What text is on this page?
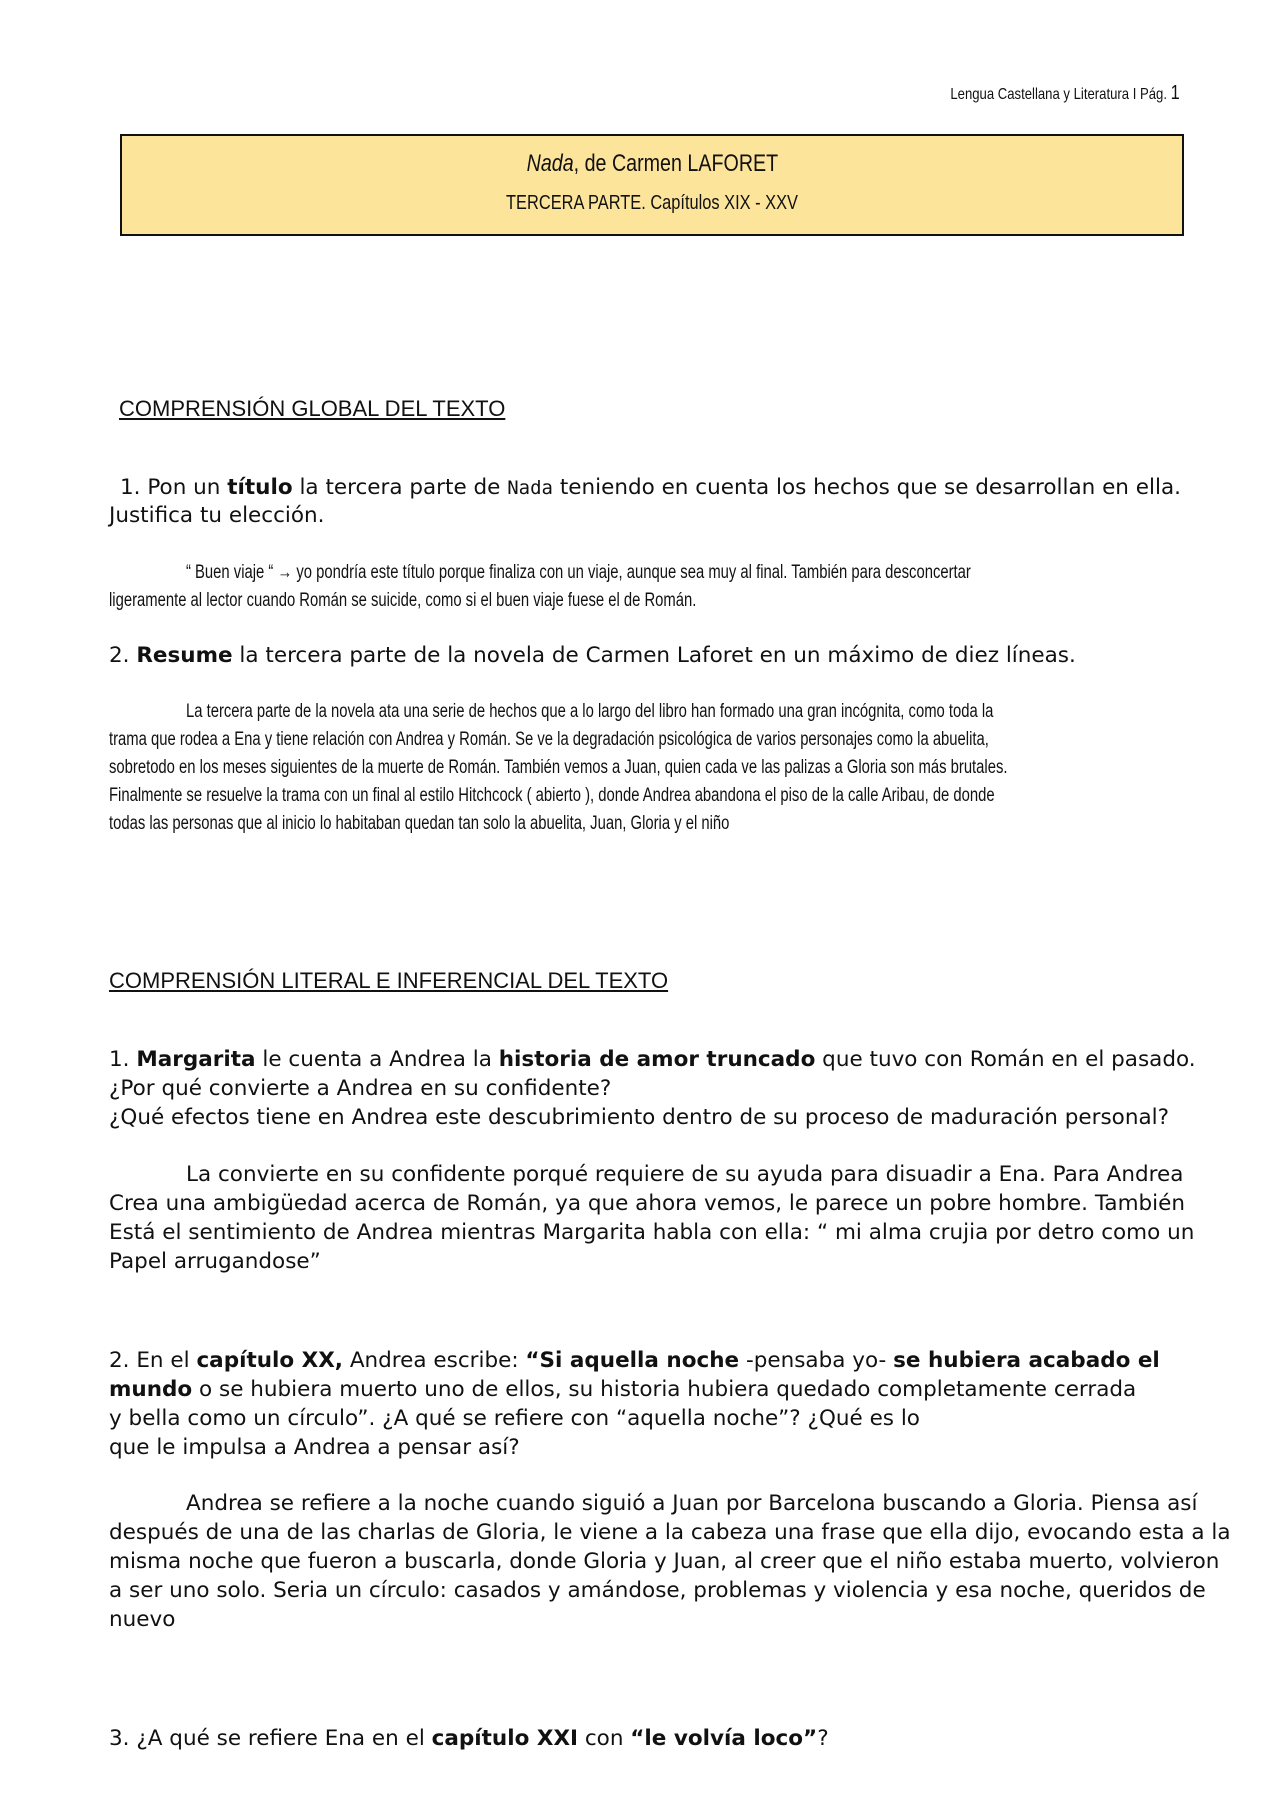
Lengua Castellana y Literatura I Pág. 1
Nada, de Carmen LAFORET
TERCERA PARTE. Capítulos XIX - XXV
COMPRENSIÓN GLOBAL DEL TEXTO
1. Pon un título la tercera parte de Nada teniendo en cuenta los hechos que se desarrollan en ella.
Justifica tu elección.
“ Buen viaje “ → yo pondría este título porque finaliza con un viaje, aunque sea muy al final. También para desconcertar
ligeramente al lector cuando Román se suicide, como si el buen viaje fuese el de Román.
2. Resume la tercera parte de la novela de Carmen Laforet en un máximo de diez líneas.
La tercera parte de la novela ata una serie de hechos que a lo largo del libro han formado una gran incógnita, como toda la
trama que rodea a Ena y tiene relación con Andrea y Román. Se ve la degradación psicológica de varios personajes como la abuelita,
sobretodo en los meses siguientes de la muerte de Román. También vemos a Juan, quien cada ve las palizas a Gloria son más brutales.
Finalmente se resuelve la trama con un final al estilo Hitchcock ( abierto ), donde Andrea abandona el piso de la calle Aribau, de donde
todas las personas que al inicio lo habitaban quedan tan solo la abuelita, Juan, Gloria y el niño
COMPRENSIÓN LITERAL E INFERENCIAL DEL TEXTO
1. Margarita le cuenta a Andrea la historia de amor truncado que tuvo con Román en el pasado.
¿Por qué convierte a Andrea en su confidente?
¿Qué efectos tiene en Andrea este descubrimiento dentro de su proceso de maduración personal?
La convierte en su confidente porqué requiere de su ayuda para disuadir a Ena. Para Andrea
Crea una ambigüedad acerca de Román, ya que ahora vemos, le parece un pobre hombre. También
Está el sentimiento de Andrea mientras Margarita habla con ella: “ mi alma crujia por detro como un
Papel arrugandose”
2. En el capítulo XX, Andrea escribe: “Si aquella noche -pensaba yo- se hubiera acabado el
mundo o se hubiera muerto uno de ellos, su historia hubiera quedado completamente cerrada
y bella como un círculo”. ¿A qué se refiere con “aquella noche”? ¿Qué es lo
que le impulsa a Andrea a pensar así?
Andrea se refiere a la noche cuando siguió a Juan por Barcelona buscando a Gloria. Piensa así
después de una de las charlas de Gloria, le viene a la cabeza una frase que ella dijo, evocando esta a la
misma noche que fueron a buscarla, donde Gloria y Juan, al creer que el niño estaba muerto, volvieron
a ser uno solo. Seria un círculo: casados y amándose, problemas y violencia y esa noche, queridos de
nuevo
3. ¿A qué se refiere Ena en el capítulo XXI con “le volvía loco”?
